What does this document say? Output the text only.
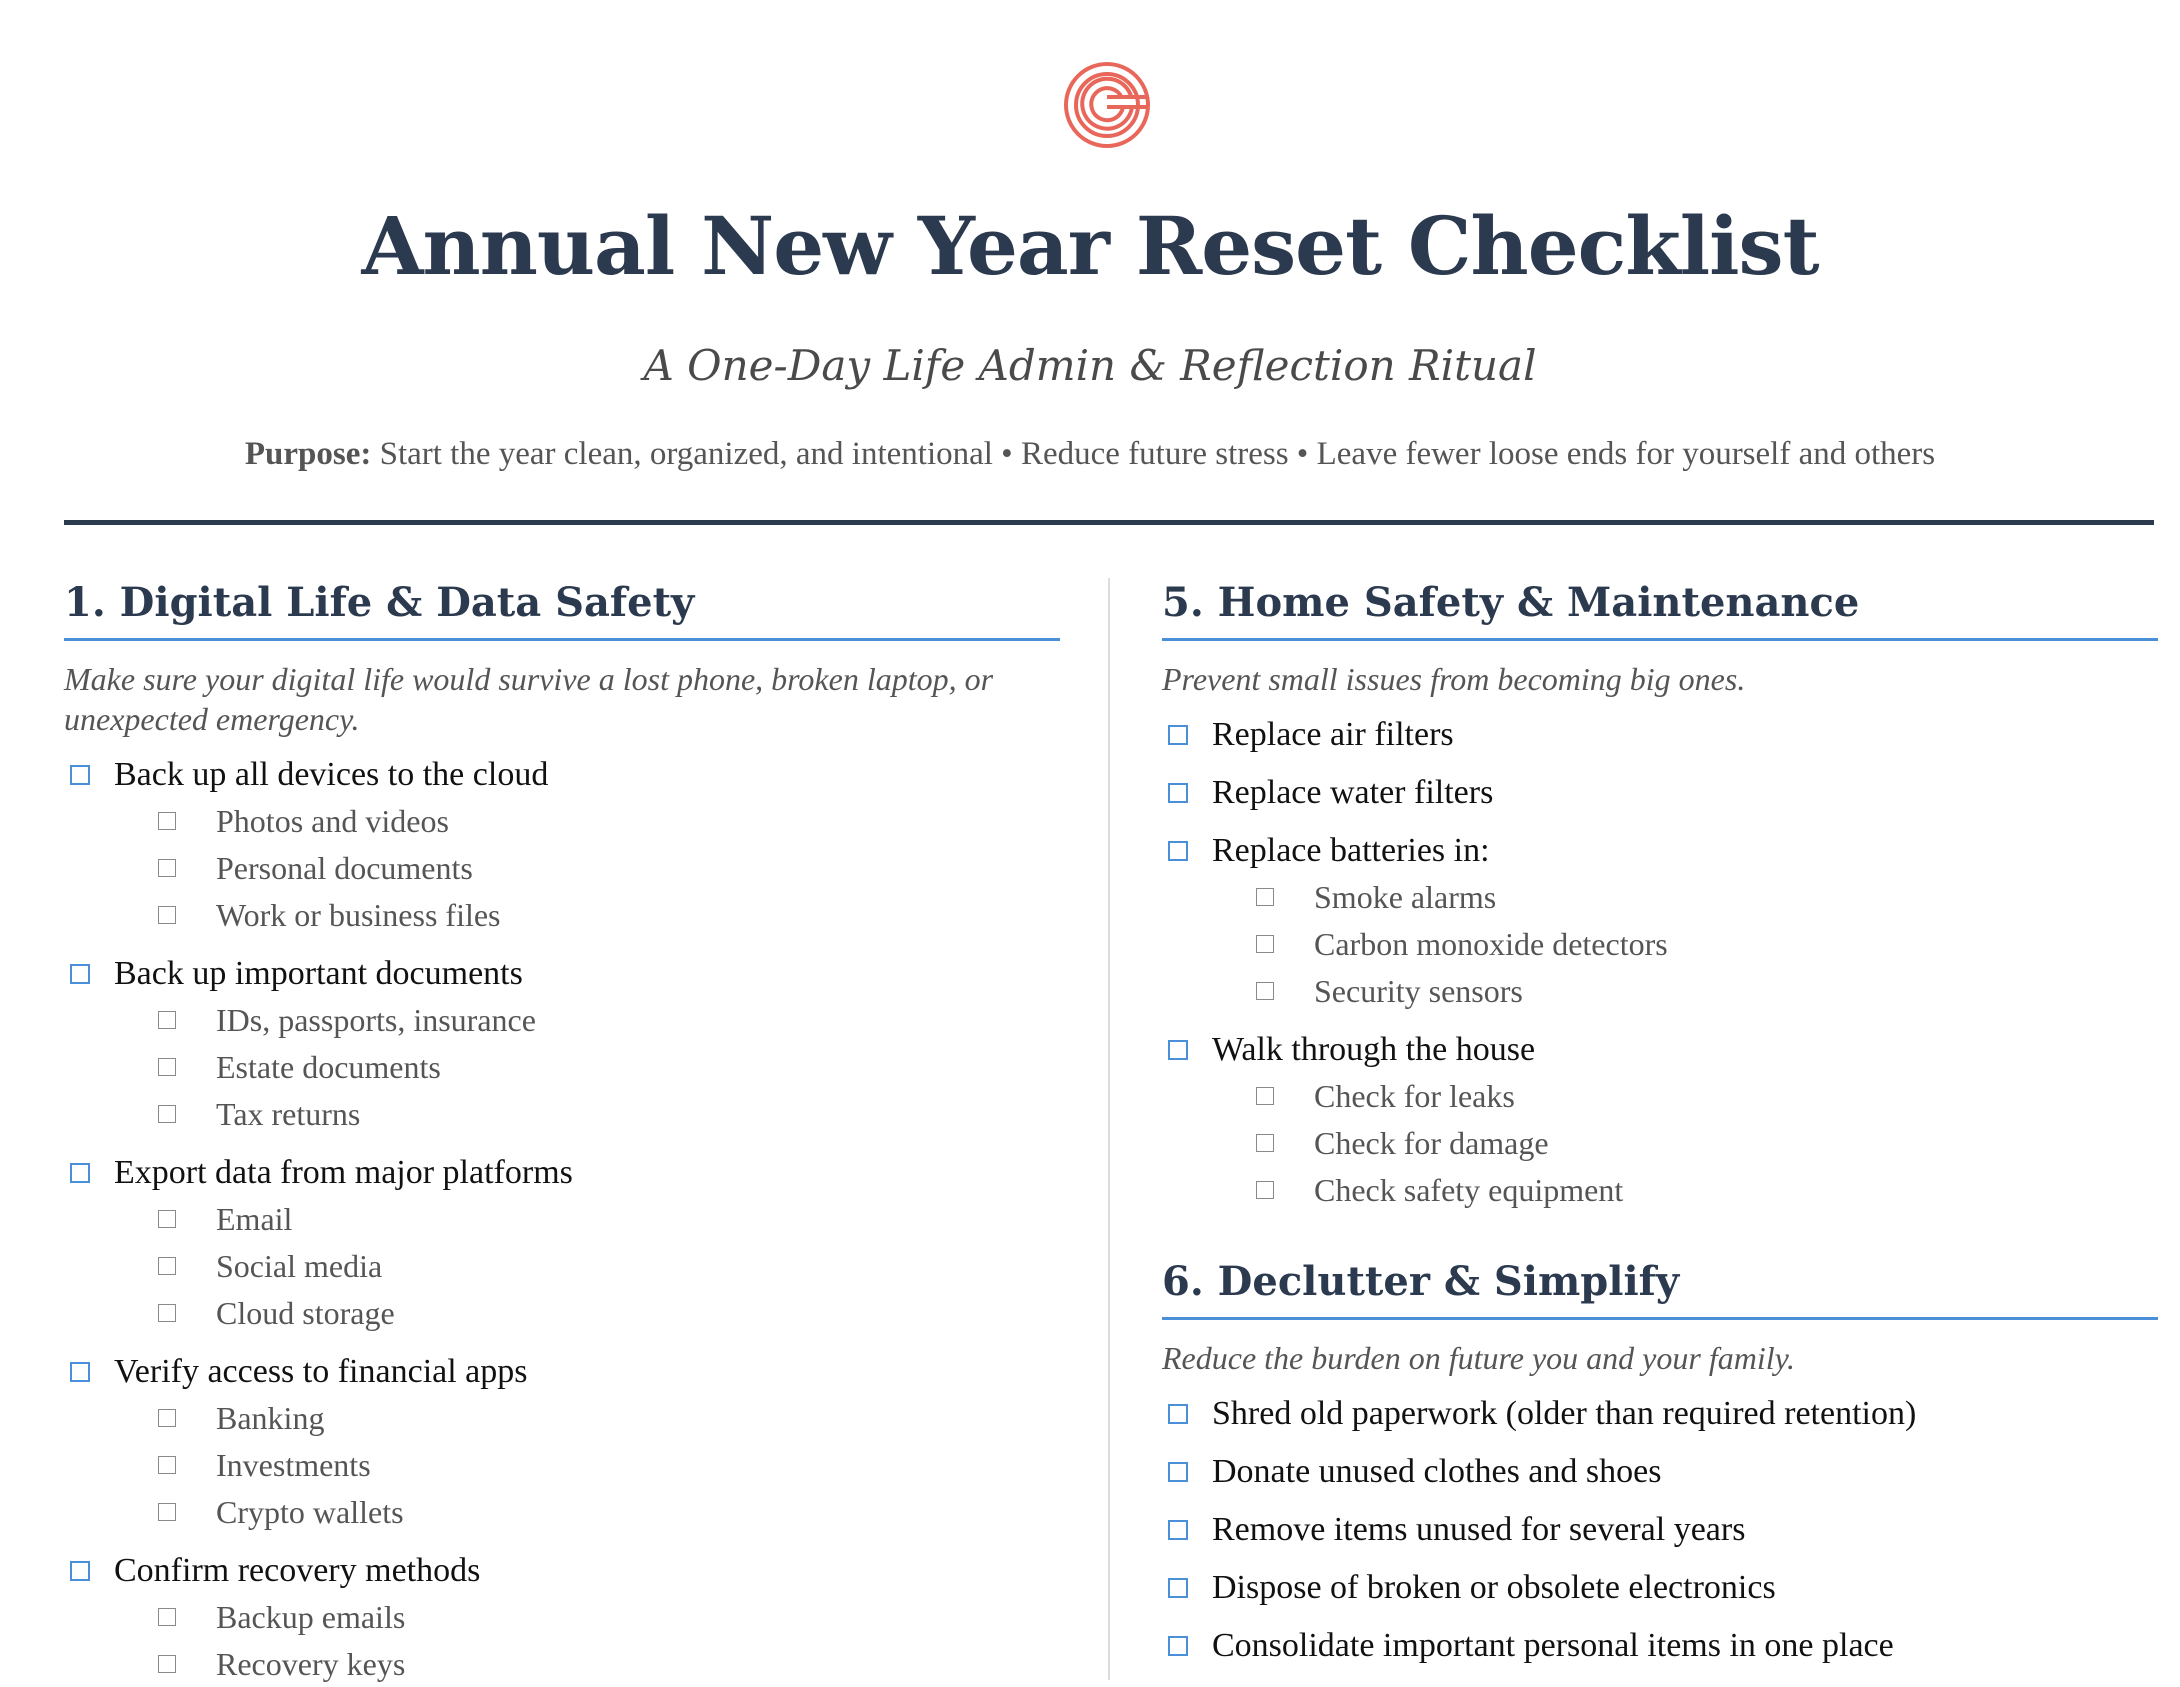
Annual New Year Reset Checklist
A One-Day Life Admin & Reflection Ritual
Purpose: Start the year clean, organized, and intentional • Reduce future stress • Leave fewer loose ends for yourself and others
1. Digital Life & Data Safety
Make sure your digital life would survive a lost phone, broken laptop, or unexpected emergency.
Back up all devices to the cloud
Photos and videos
Personal documents
Work or business files
Back up important documents
IDs, passports, insurance
Estate documents
Tax returns
Export data from major platforms
Email
Social media
Cloud storage
Verify access to financial apps
Banking
Investments
Crypto wallets
Confirm recovery methods
Backup emails
Recovery keys
5. Home Safety & Maintenance
Prevent small issues from becoming big ones.
Replace air filters
Replace water filters
Replace batteries in:
Smoke alarms
Carbon monoxide detectors
Security sensors
Walk through the house
Check for leaks
Check for damage
Check safety equipment
6. Declutter & Simplify
Reduce the burden on future you and your family.
Shred old paperwork (older than required retention)
Donate unused clothes and shoes
Remove items unused for several years
Dispose of broken or obsolete electronics
Consolidate important personal items in one place
